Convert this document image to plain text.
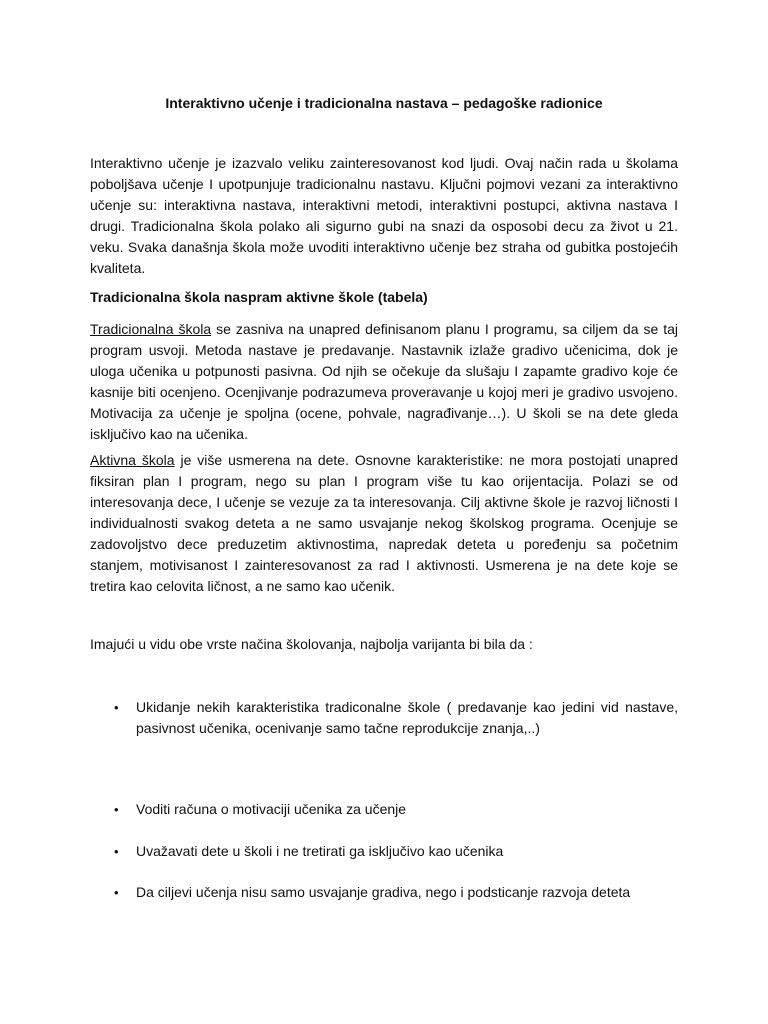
Interaktivno učenje i tradicionalna nastava – pedagoške radionice

Interaktivno učenje je izazvalo veliku zainteresovanost kod ljudi. Ovaj način rada u školama poboljšava učenje I upotpunjuje tradicionalnu nastavu. Ključni pojmovi vezani za interaktivno učenje su: interaktivna nastava, interaktivni metodi, interaktivni postupci, aktivna nastava I drugi. Tradicionalna škola polako ali sigurno gubi na snazi da osposobi decu za život u 21. veku. Svaka današnja škola može uvoditi interaktivno učenje bez straha od gubitka postojećih kvaliteta.

Tradicionalna škola naspram aktivne škole (tabela)

Tradicionalna škola se zasniva na unapred definisanom planu I programu, sa ciljem da se taj program usvoji. Metoda nastave je predavanje. Nastavnik izlaže gradivo učenicima, dok je uloga učenika u potpunosti pasivna. Od njih se očekuje da slušaju I zapamte gradivo koje će kasnije biti ocenjeno. Ocenjivanje podrazumeva proveravanje u kojoj meri je gradivo usvojeno. Motivacija za učenje je spoljna (ocene, pohvale, nagrađivanje…). U školi se na dete gleda isključivo kao na učenika.

Aktivna škola je više usmerena na dete. Osnovne karakteristike: ne mora postojati unapred fiksiran plan I program, nego su plan I program više tu kao orijentacija. Polazi se od interesovanja dece, I učenje se vezuje za ta interesovanja. Cilj aktivne škole je razvoj ličnosti I individualnosti svakog deteta a ne samo usvajanje nekog školskog programa. Ocenjuje se zadovoljstvo dece preduzetim aktivnostima, napredak deteta u poređenju sa početnim stanjem, motivisanost I zainteresovanost za rad I aktivnosti. Usmerena je na dete koje se tretira kao celovita ličnost, a ne samo kao učenik.

Imajući u vidu obe vrste načina školovanja, najbolja varijanta bi bila da :

•	Ukidanje nekih karakteristika tradiconalne škole ( predavanje kao jedini vid nastave, pasivnost učenika, ocenivanje samo tačne reprodukcije znanja,..)
•	Voditi računa o motivaciji učenika za učenje
•	Uvažavati dete u školi i ne tretirati ga isključivo kao učenika
•	Da ciljevi učenja nisu samo usvajanje gradiva, nego i podsticanje razvoja deteta
